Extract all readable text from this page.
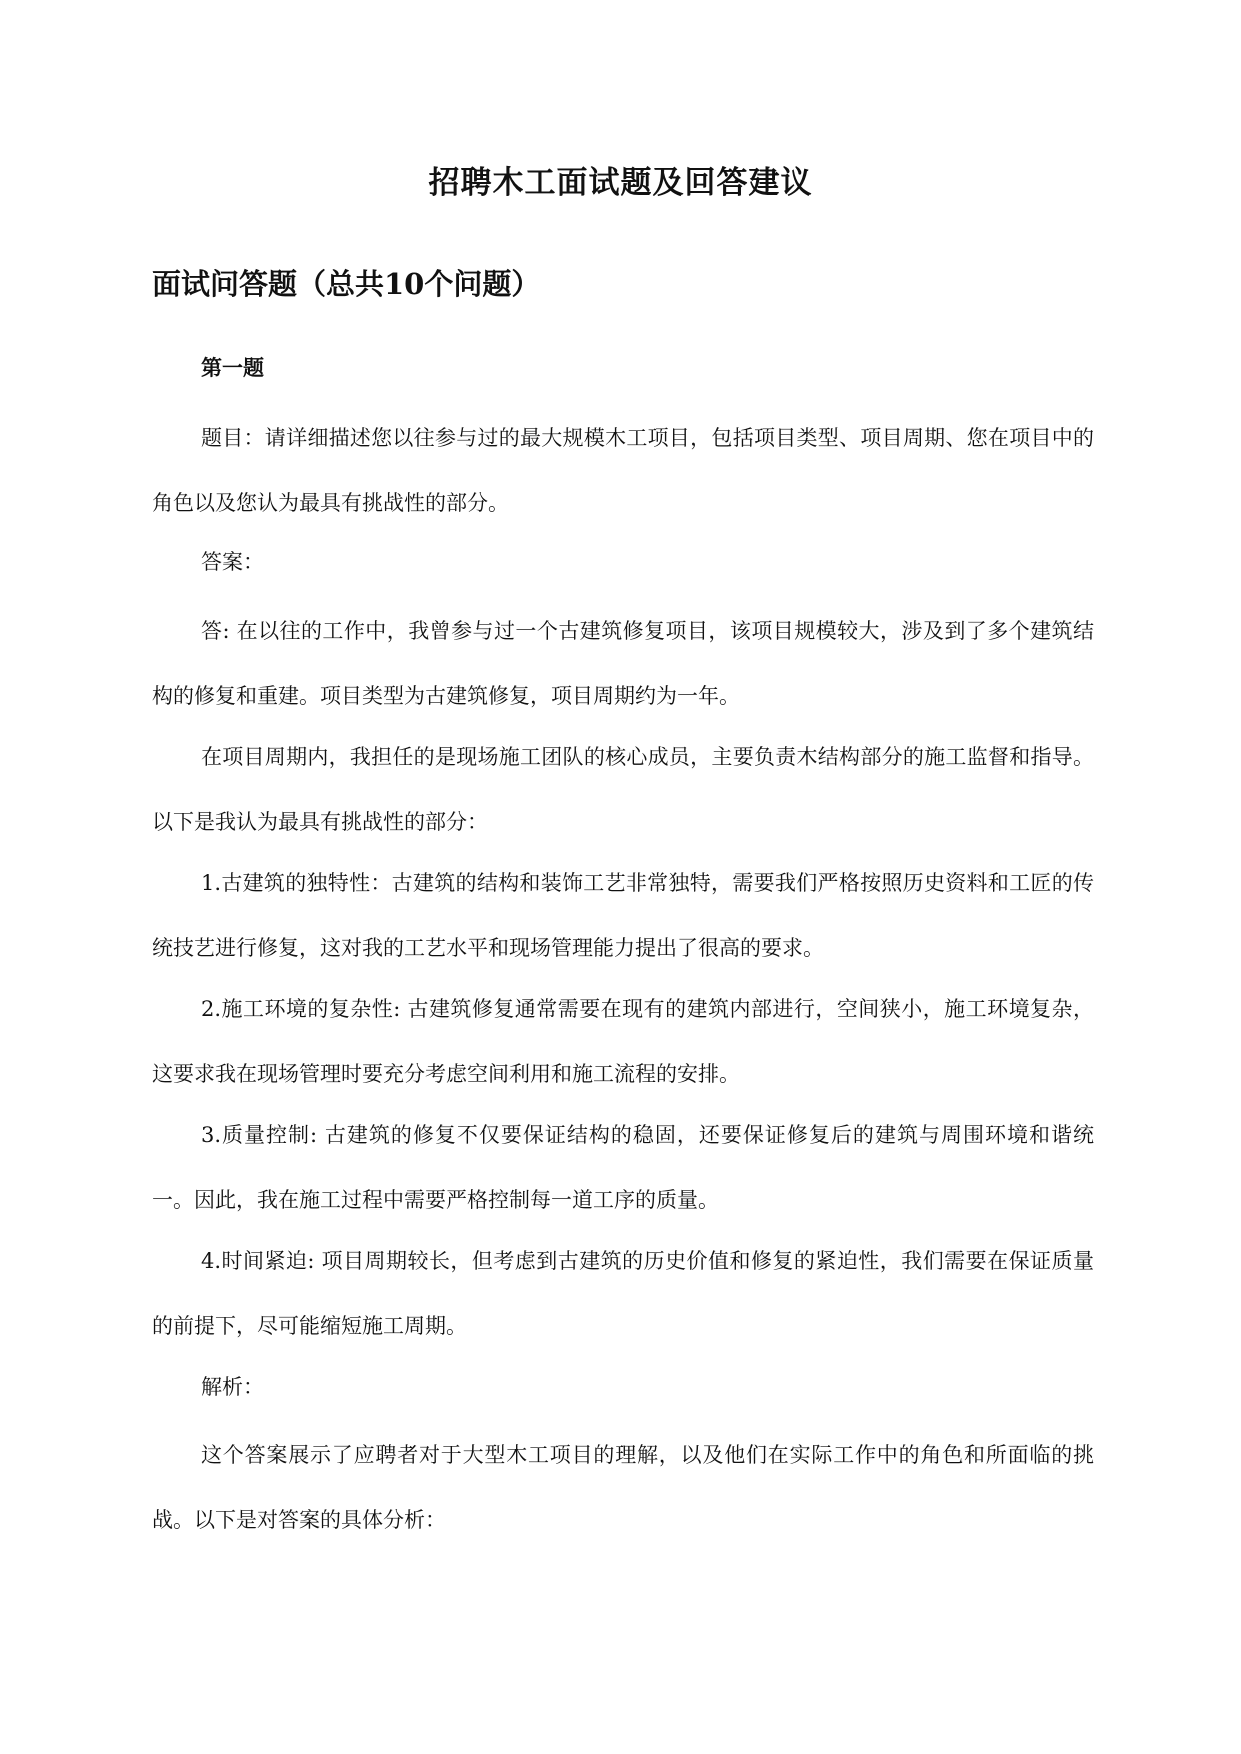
招聘木工面试题及回答建议
面试问答题（总共10个问题）
第一题

题目：请详细描述您以往参与过的最大规模木工项目，包括项目类型、项目周期、您在项目中的角色以及您认为最具有挑战性的部分。

答案：

答: 在以往的工作中，我曾参与过一个古建筑修复项目，该项目规模较大，涉及到了多个建筑结构的修复和重建。项目类型为古建筑修复，项目周期约为一年。

在项目周期内，我担任的是现场施工团队的核心成员，主要负责木结构部分的施工监督和指导。以下是我认为最具有挑战性的部分：

1.古建筑的独特性：古建筑的结构和装饰工艺非常独特，需要我们严格按照历史资料和工匠的传统技艺进行修复，这对我的工艺水平和现场管理能力提出了很高的要求。

2.施工环境的复杂性: 古建筑修复通常需要在现有的建筑内部进行，空间狭小，施工环境复杂，这要求我在现场管理时要充分考虑空间利用和施工流程的安排。

3.质量控制: 古建筑的修复不仅要保证结构的稳固，还要保证修复后的建筑与周围环境和谐统一。因此，我在施工过程中需要严格控制每一道工序的质量。

4.时间紧迫: 项目周期较长，但考虑到古建筑的历史价值和修复的紧迫性，我们需要在保证质量的前提下，尽可能缩短施工周期。

解析：

这个答案展示了应聘者对于大型木工项目的理解，以及他们在实际工作中的角色和所面临的挑战。以下是对答案的具体分析：
